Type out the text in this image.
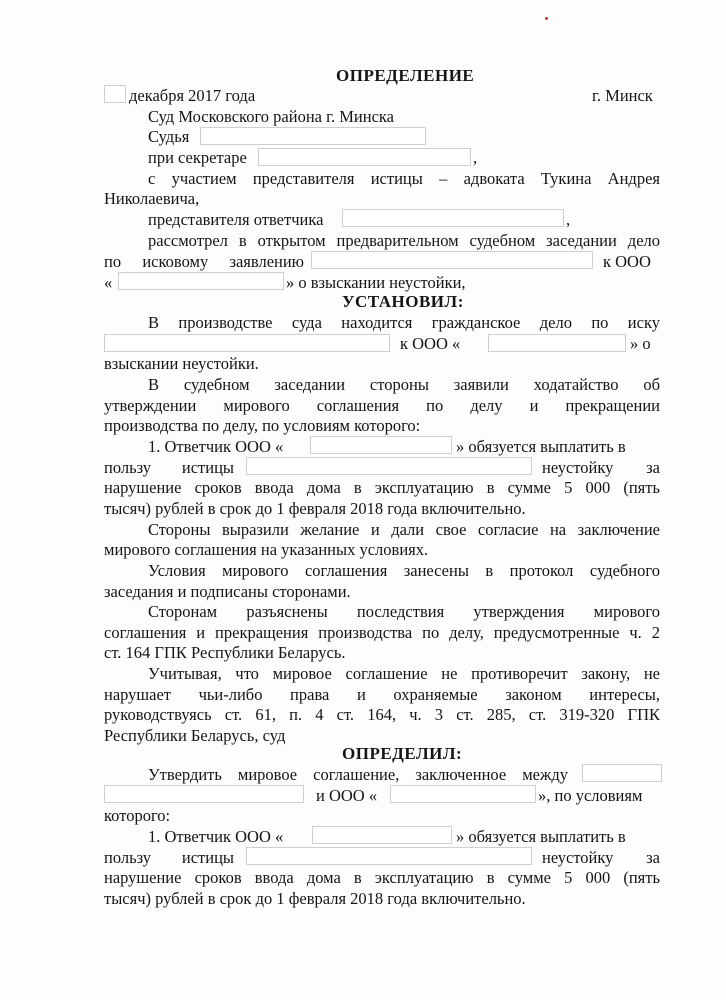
ОПРЕДЕЛЕНИЕ
декабря 2017 года	г. Минск
Суд Московского района г. Минска
Судья
при секретаре	,
с участием представителя истицы – адвоката Тукина Андрея
Николаевича,
представителя ответчика	,
рассмотрел в открытом предварительном судебном заседании дело
по исковому заявлению	к ООО
«	» о взыскании неустойки,
УСТАНОВИЛ:
В производстве суда находится гражданское дело по иску
к ООО «	» о
взыскании неустойки.
В судебном заседании стороны заявили ходатайство об
утверждении мирового соглашения по делу и прекращении
производства по делу, по условиям которого:
1. Ответчик ООО «	» обязуется выплатить в
пользу истицы	неустойку за
нарушение сроков ввода дома в эксплуатацию в сумме 5 000 (пять
тысяч) рублей в срок до 1 февраля 2018 года включительно.
Стороны выразили желание и дали свое согласие на заключение
мирового соглашения на указанных условиях.
Условия мирового соглашения занесены в протокол судебного
заседания и подписаны сторонами.
Сторонам разъяснены последствия утверждения мирового
соглашения и прекращения производства по делу, предусмотренные ч. 2
ст. 164 ГПК Республики Беларусь.
Учитывая, что мировое соглашение не противоречит закону, не
нарушает чьи-либо права и охраняемые законом интересы,
руководствуясь ст. 61, п. 4 ст. 164, ч. 3 ст. 285, ст. 319-320 ГПК
Республики Беларусь, суд
ОПРЕДЕЛИЛ:
Утвердить мировое соглашение, заключенное между
и ООО «	», по условиям
которого:
1. Ответчик ООО «	» обязуется выплатить в
пользу истицы	неустойку за
нарушение сроков ввода дома в эксплуатацию в сумме 5 000 (пять
тысяч) рублей в срок до 1 февраля 2018 года включительно.
